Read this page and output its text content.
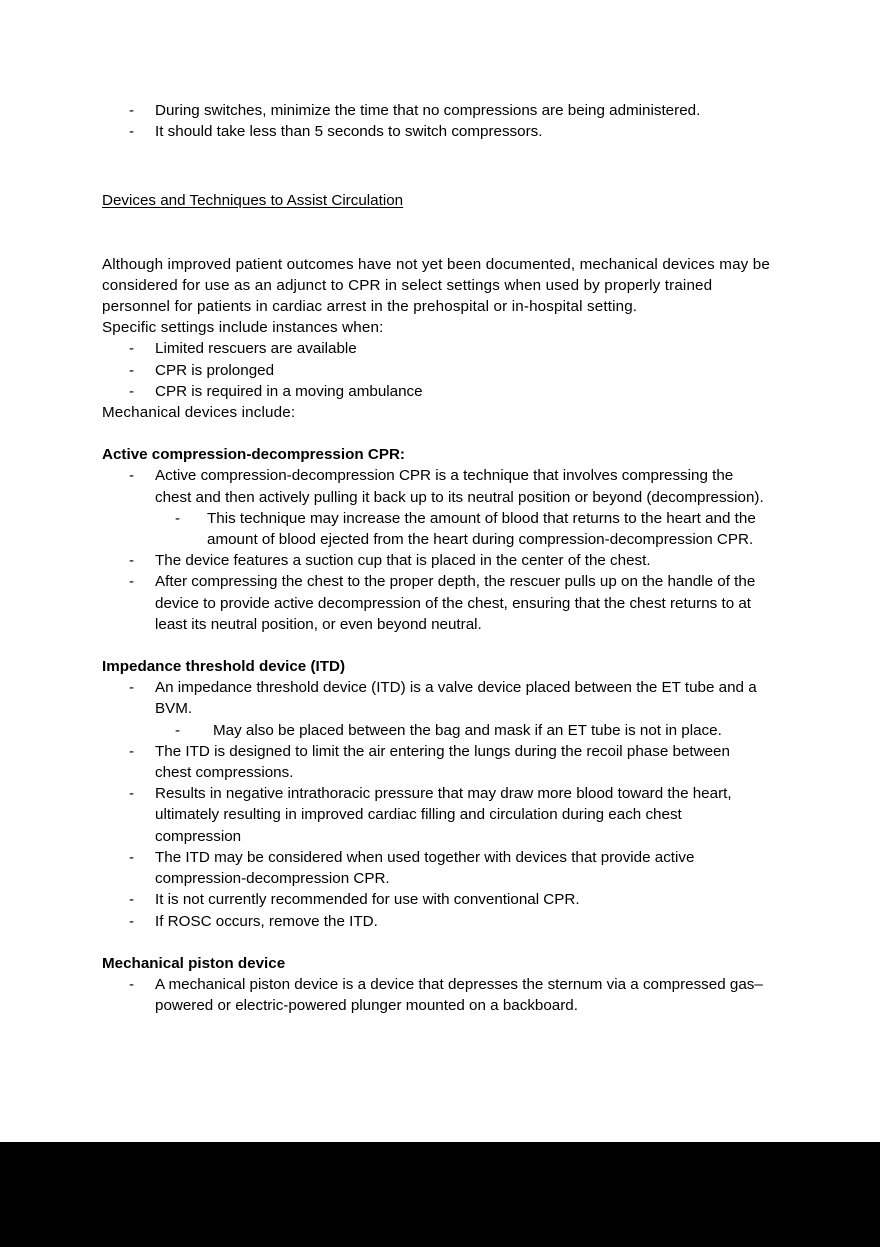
- During switches, minimize the time that no compressions are being administered.
- It should take less than 5 seconds to switch compressors.
Devices and Techniques to Assist Circulation

Although improved patient outcomes have not yet been documented, mechanical devices may be considered for use as an adjunct to CPR in select settings when used by properly trained personnel for patients in cardiac arrest in the prehospital or in-hospital setting.

Specific settings include instances when:

- Limited rescuers are available
- CPR is prolonged
- CPR is required in a moving ambulance

Mechanical devices include:

Active compression-decompression CPR:
- Active compression-decompression CPR is a technique that involves compressing the chest and then actively pulling it back up to its neutral position or beyond (decompression).
- This technique may increase the amount of blood that returns to the heart and the amount of blood ejected from the heart during compression-decompression CPR.
- The device features a suction cup that is placed in the center of the chest.
- After compressing the chest to the proper depth, the rescuer pulls up on the handle of the device to provide active decompression of the chest, ensuring that the chest returns to at least its neutral position, or even beyond neutral.
Impedance threshold device (ITD)
- An impedance threshold device (ITD) is a valve device placed between the ET tube and a BVM.
- May also be placed between the bag and mask if an ET tube is not in place.
- The ITD is designed to limit the air entering the lungs during the recoil phase between chest compressions.
- Results in negative intrathoracic pressure that may draw more blood toward the heart, ultimately resulting in improved cardiac filling and circulation during each chest compression
- The ITD may be considered when used together with devices that provide active compression-decompression CPR.
- It is not currently recommended for use with conventional CPR.
- If ROSC occurs, remove the ITD.
Mechanical piston device
- A mechanical piston device is a device that depresses the sternum via a compressed gas–powered or electric-powered plunger mounted on a backboard.
